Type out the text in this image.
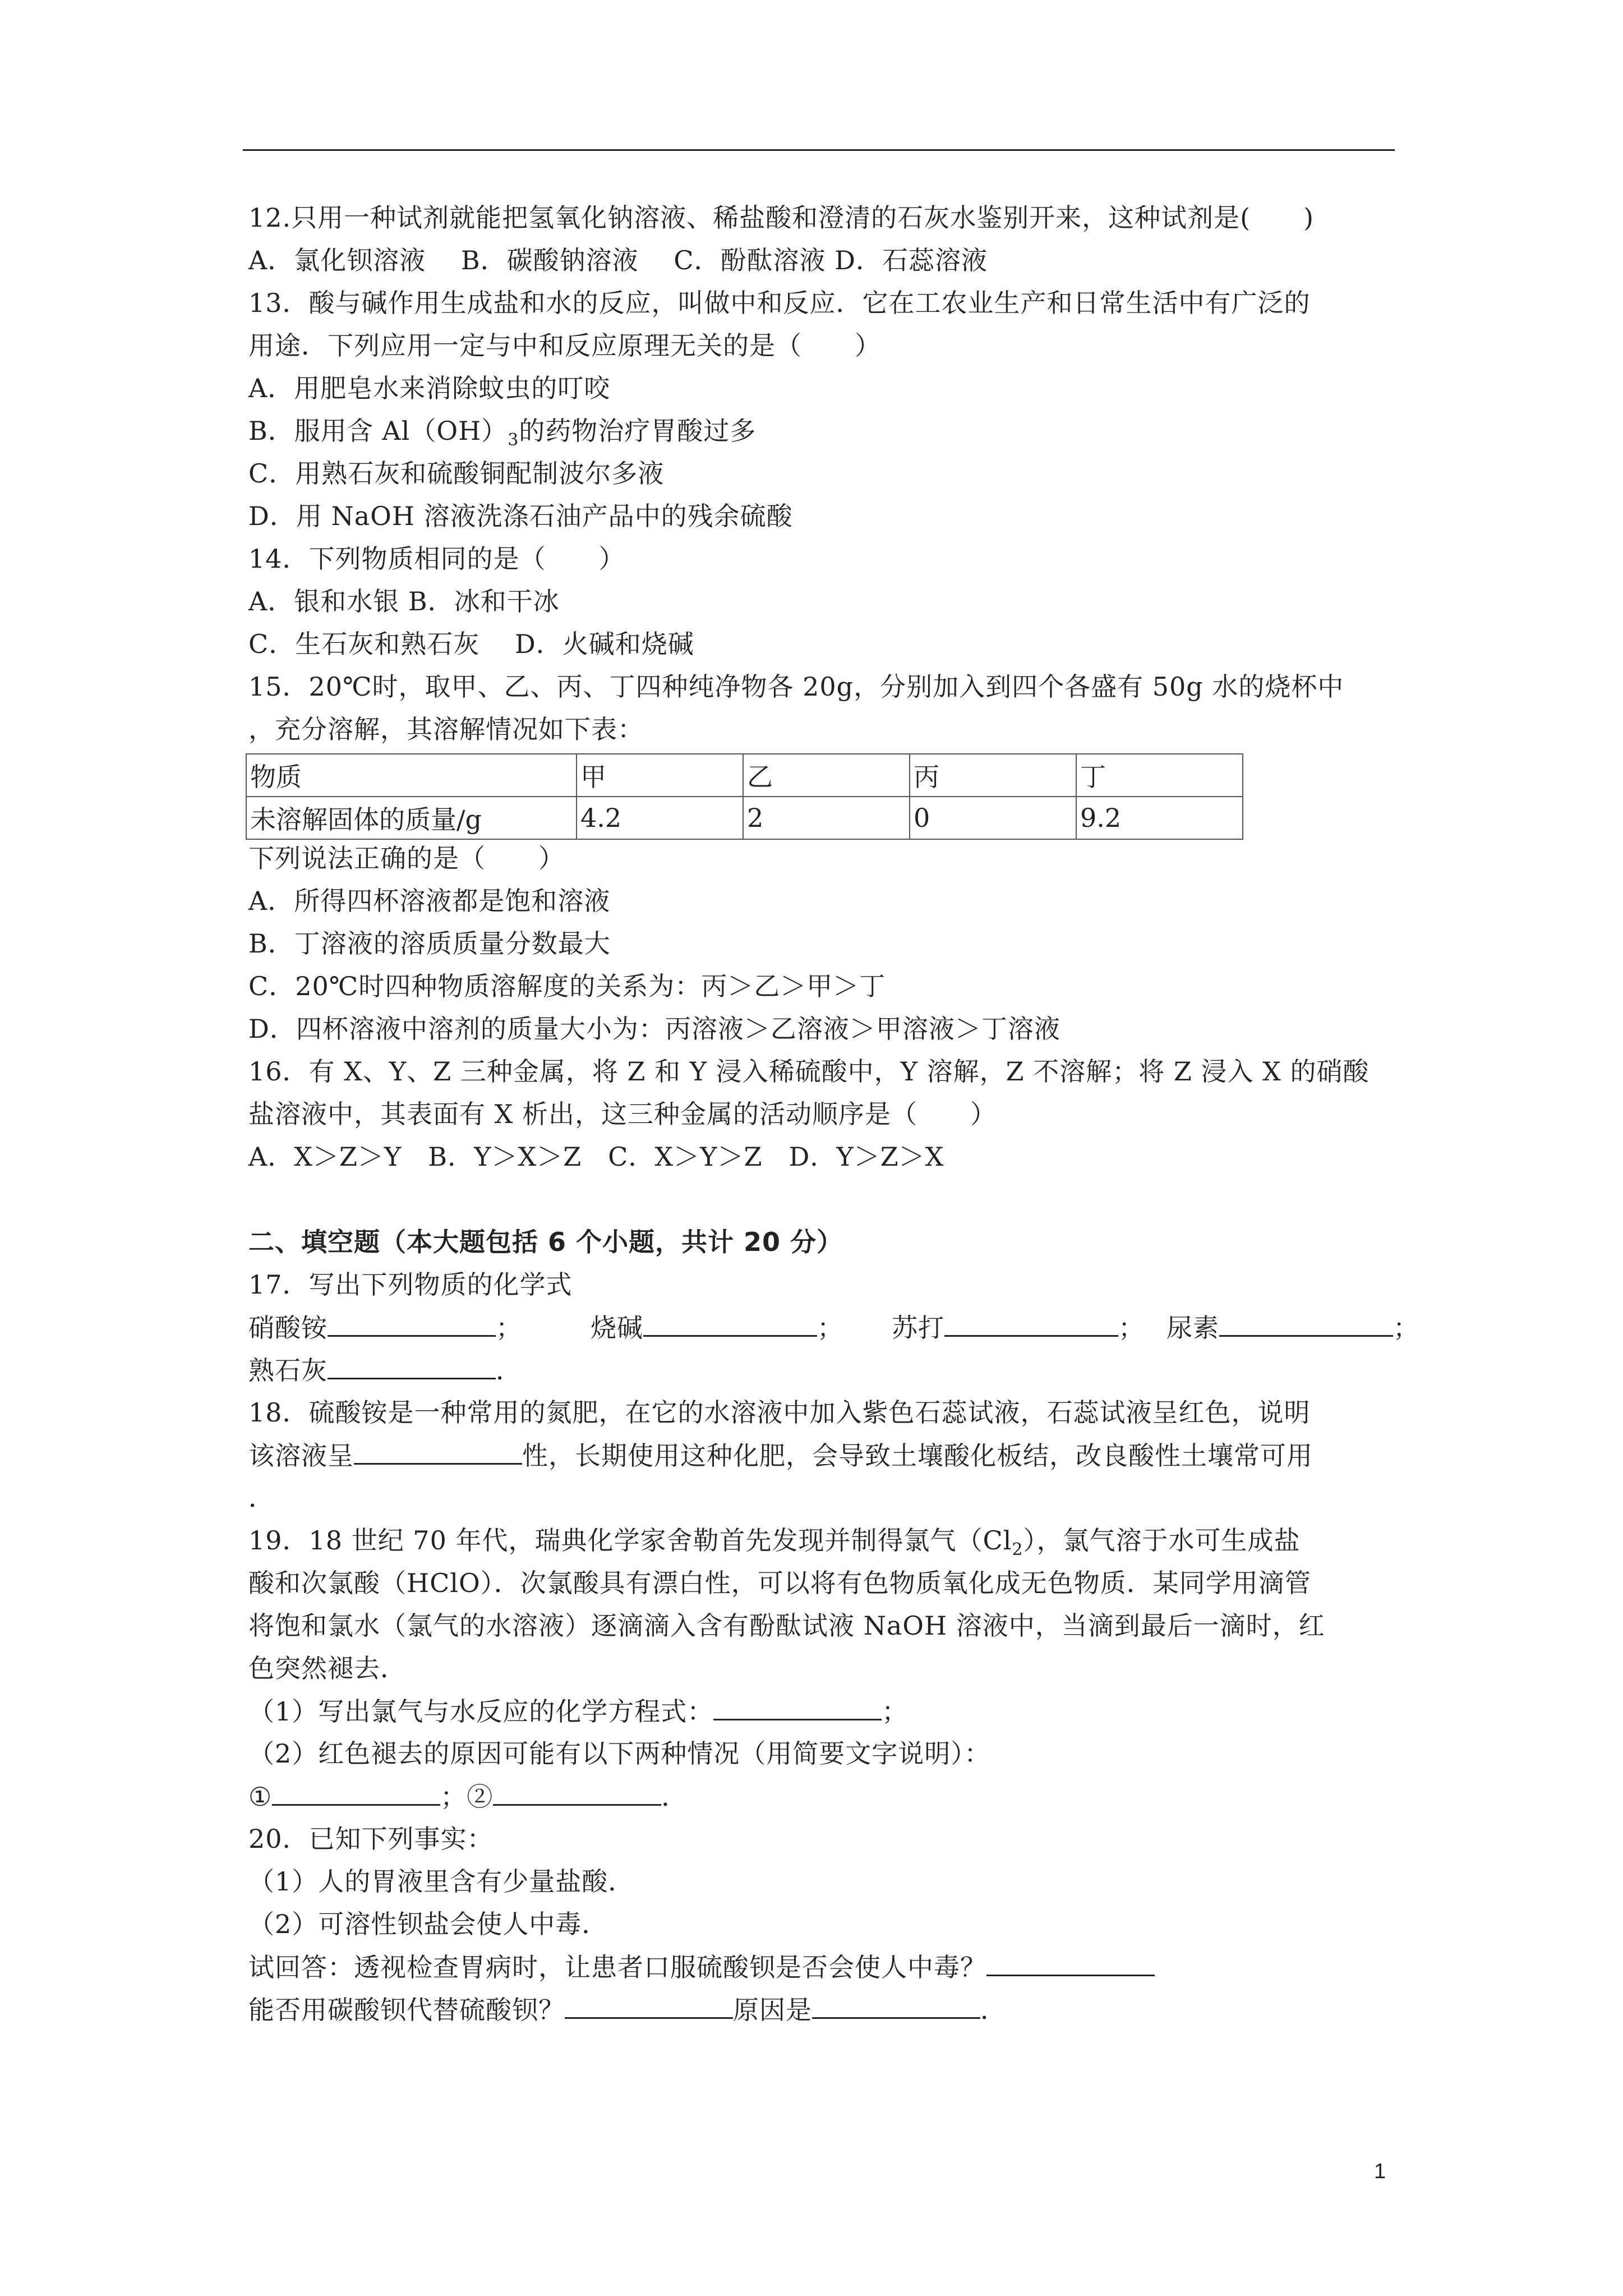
12.只用一种试剂就能把氢氧化钠溶液、稀盐酸和澄清的石灰水鉴别开来，这种试剂是(　　)
A．氯化钡溶液　 B．碳酸钠溶液　 C．酚酞溶液 D．石蕊溶液
13．酸与碱作用生成盐和水的反应，叫做中和反应．它在工农业生产和日常生活中有广泛的
用途．下列应用一定与中和反应原理无关的是（　　）
A．用肥皂水来消除蚊虫的叮咬
B．服用含 $Al(OH)_3$的药物治疗胃酸过多
C．用熟石灰和硫酸铜配制波尔多液
D．用 NaOH 溶液洗涤石油产品中的残余硫酸
14．下列物质相同的是（　　）
A．银和水银 B．冰和干冰
C．生石灰和熟石灰　 D．火碱和烧碱
15．20℃时，取甲、乙、丙、丁四种纯净物各 20g，分别加入到四个各盛有 50g 水的烧杯中
，充分溶解，其溶解情况如下表：
物质	甲	乙	丙	丁
未溶解固体的质量/g	4.2	2	0	9.2
下列说法正确的是（　　）
A．所得四杯溶液都是饱和溶液
B．丁溶液的溶质质量分数最大
C．20℃时四种物质溶解度的关系为：丙＞乙＞甲＞丁
D．四杯溶液中溶剂的质量大小为：丙溶液＞乙溶液＞甲溶液＞丁溶液
16．有 X、Y、Z 三种金属，将 Z 和 Y 浸入稀硫酸中，Y 溶解，Z 不溶解；将 Z 浸入 X 的硝酸
盐溶液中，其表面有 X 析出，这三种金属的活动顺序是（　　）
A．X＞Z＞Y　B．Y＞X＞Z　C．X＞Y＞Z　D．Y＞Z＞X
二、填空题（本大题包括 6 个小题，共计 20 分）
17．写出下列物质的化学式
硝酸铵	；	烧碱	； 苏打	； 尿素	；
熟石灰	．
18．硫酸铵是一种常用的氮肥，在它的水溶液中加入紫色石蕊试液，石蕊试液呈红色，说明
该溶液呈	性，长期使用这种化肥，会导致土壤酸化板结，改良酸性土壤常可用
．
19．18 世纪 70 年代，瑞典化学家舍勒首先发现并制得氯气$(Cl_2)$，氯气溶于水可生成盐
酸和次氯酸（HClO）．次氯酸具有漂白性，可以将有色物质氧化成无色物质．某同学用滴管
将饱和氯水（氯气的水溶液）逐滴滴入含有酚酞试液 NaOH 溶液中，当滴到最后一滴时，红
色突然褪去．
（1）写出氯气与水反应的化学方程式：	；
（2）红色褪去的原因可能有以下两种情况（用简要文字说明）：
①	；②	．
20．已知下列事实：
（1）人的胃液里含有少量盐酸．
（2）可溶性钡盐会使人中毒．
试回答：透视检查胃病时，让患者口服硫酸钡是否会使人中毒？
能否用碳酸钡代替硫酸钡？	原因是	．
1
